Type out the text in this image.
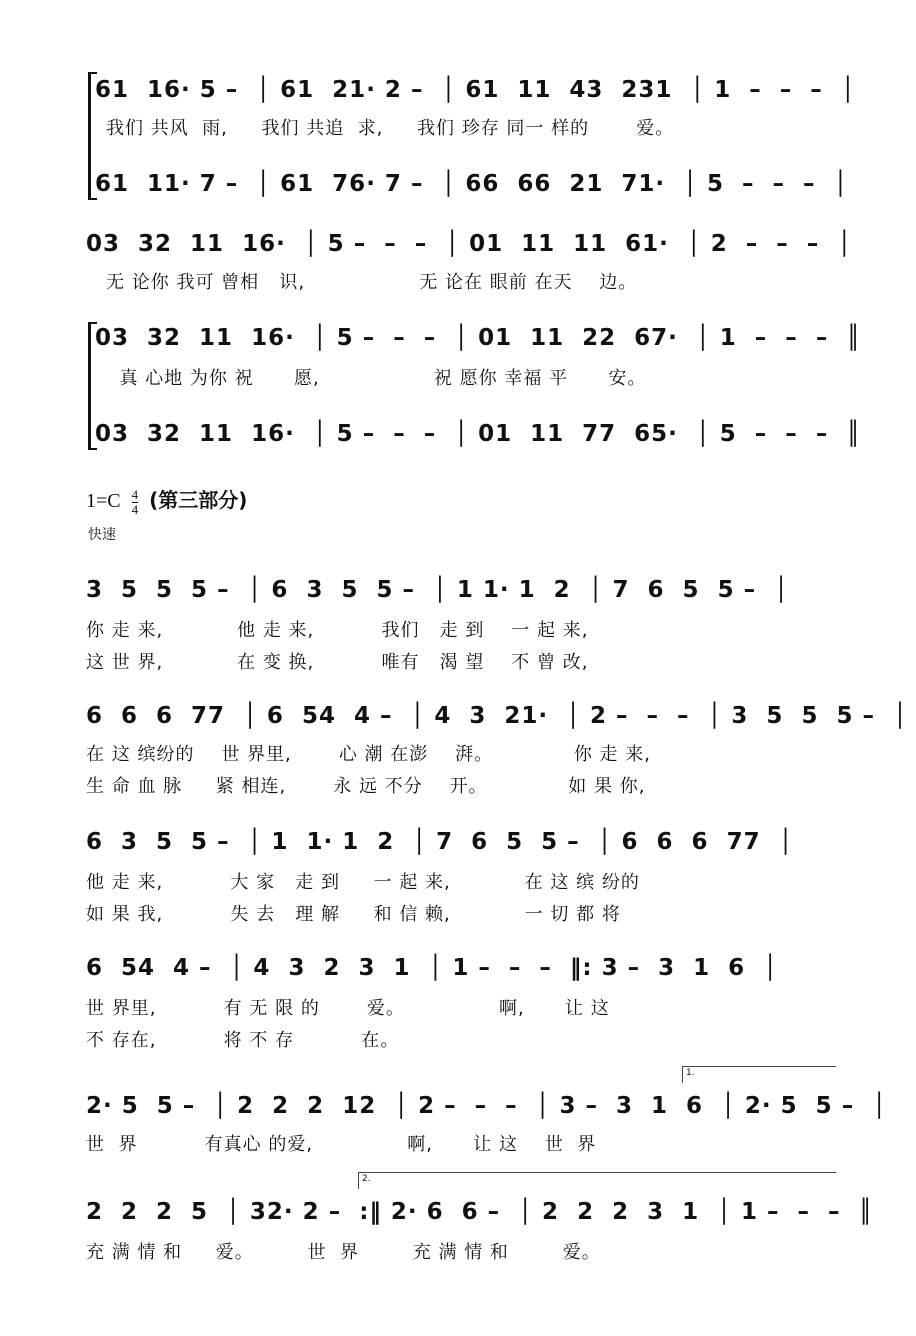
61  16· 5 –  │ 61  21· 2 –  │ 61  11  43  231  │ 1  –  –  –  │
我们 共风  雨,     我们 共追  求,     我们 珍存 同一 样的       爱。
61  11· 7 –  │ 61  76· 7 –  │ 66  66  21  71·  │ 5  –  –  –  │
03  32  11  16·  │ 5 –  –  –  │ 01  11  11  61·  │ 2  –  –  –  │
无 论你 我可 曾相   识,                 无 论在 眼前 在天    边。
03  32  11  16·  │ 5 –  –  –  │ 01  11  22  67·  │ 1  –  –  –  ║
真 心地 为你 祝      愿,                 祝 愿你 幸福 平      安。
03  32  11  16·  │ 5 –  –  –  │ 01  11  77  65·  │ 5  –  –  –  ║
$1=C \frac{4}{4}$ (第三部分)
快速
3  5  5  5 –  │ 6  3  5  5 –  │ 1 1· 1  2  │ 7  6  5  5 –  │
你 走 来,           他 走 来,          我们   走 到    一 起 来,
这 世 界,           在 变 换,          唯有   渴 望    不 曾 改,
6  6  6  77  │ 6  54  4 –  │ 4  3  21·  │ 2 –  –  –  │ 3  5  5  5 –  │
在 这 缤纷的    世 界里,       心 潮 在澎    湃。            你 走 来,
生 命 血 脉     紧 相连,       永 远 不分    开。            如 果 你,
6  3  5  5 –  │ 1  1· 1  2  │ 7  6  5  5 –  │ 6  6  6  77  │
他 走 来,          大 家   走 到     一 起 来,           在 这 缤 纷的
如 果 我,          失 去   理 解     和 信 赖,           一 切 都 将
6  54  4 –  │ 4  3  2  3  1  │ 1 –  –  –  ‖: 3 –  3  1  6  │
世 界里,          有 无 限 的       爱。              啊,      让 这
不 存在,          将 不 存          在。
1.
2· 5  5 –  │ 2  2  2  12  │ 2 –  –  –  │ 3 –  3  1  6  │ 2· 5  5 –  │
世  界          有真心 的爱,              啊,      让 这    世  界
2.
2  2  2  5  │ 32· 2 –  :‖ 2· 6  6 –  │ 2  2  2  3  1  │ 1 –  –  –  ║
充 满 情 和     爱。        世  界        充 满 情 和        爱。
